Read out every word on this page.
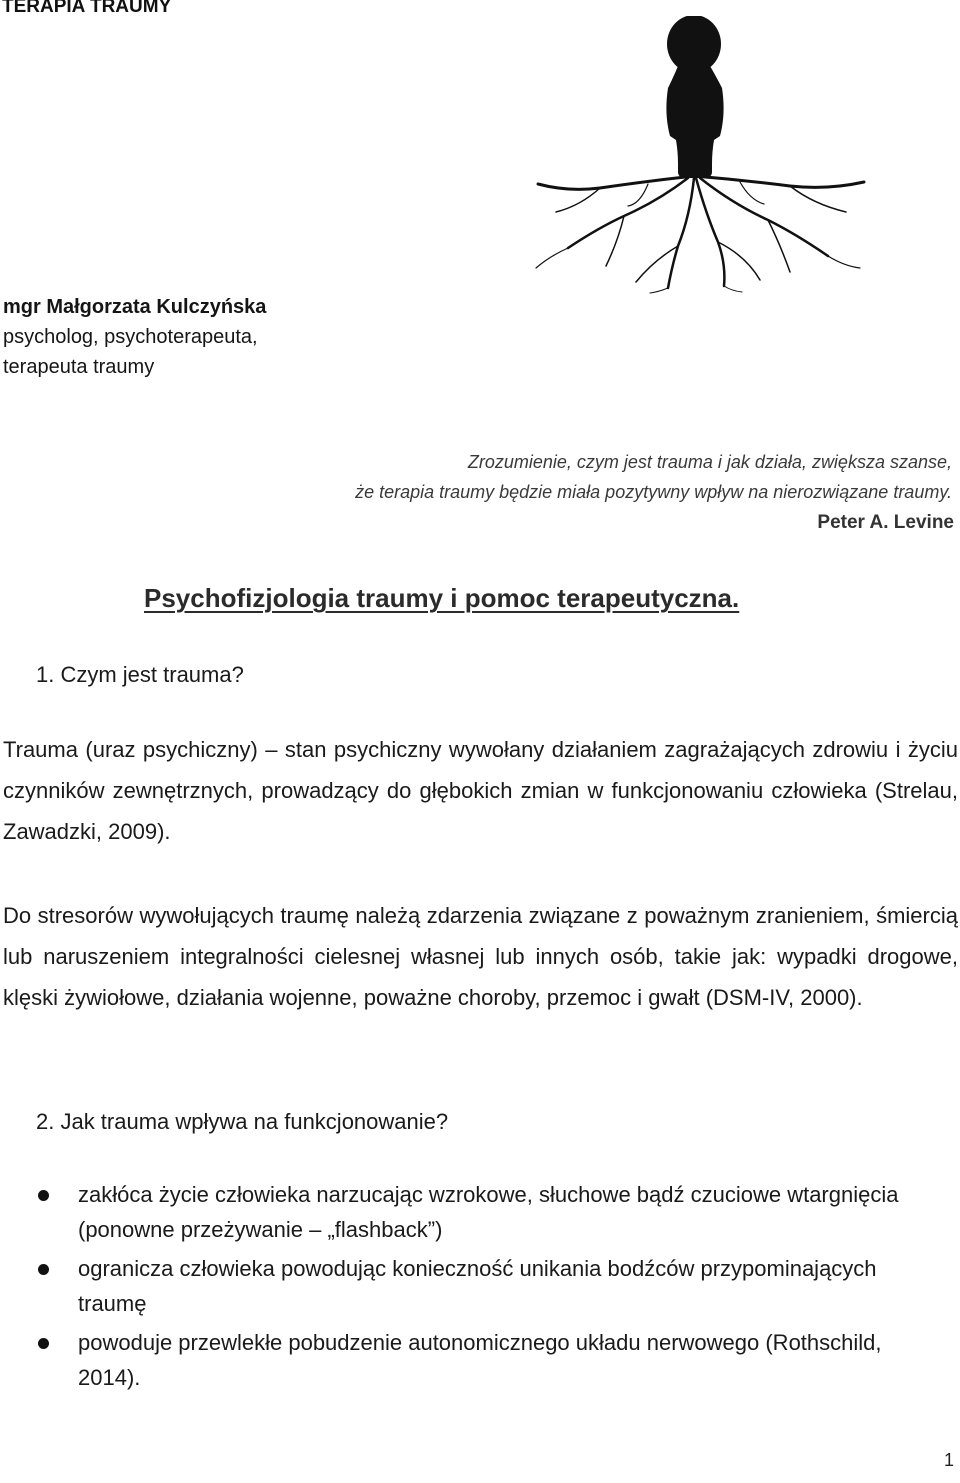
TERAPIA TRAUMY
mgr Małgorzata Kulczyńska
psycholog, psychoterapeuta,
terapeuta traumy
Zrozumienie, czym jest trauma i jak działa, zwiększa szanse,
że terapia traumy będzie miała pozytywny wpływ na nierozwiązane traumy.
Peter A. Levine
Psychofizjologia traumy i pomoc terapeutyczna.
1. Czym jest trauma?
Trauma (uraz psychiczny) – stan psychiczny wywołany działaniem zagrażających zdrowiu i życiu czynników zewnętrznych, prowadzący do głębokich zmian w funkcjonowaniu człowieka (Strelau, Zawadzki, 2009).
Do stresorów wywołujących traumę należą zdarzenia związane z poważnym zranieniem, śmiercią lub naruszeniem integralności cielesnej własnej lub innych osób, takie jak: wypadki drogowe, klęski żywiołowe, działania wojenne, poważne choroby, przemoc i gwałt (DSM-IV, 2000).
2. Jak trauma wpływa na funkcjonowanie?
zakłóca życie człowieka narzucając wzrokowe, słuchowe bądź czuciowe wtargnięcia (ponowne przeżywanie – „flashback”)
ogranicza człowieka powodując konieczność unikania bodźców przypominających traumę
powoduje przewlekłe pobudzenie autonomicznego układu nerwowego (Rothschild, 2014).
1
